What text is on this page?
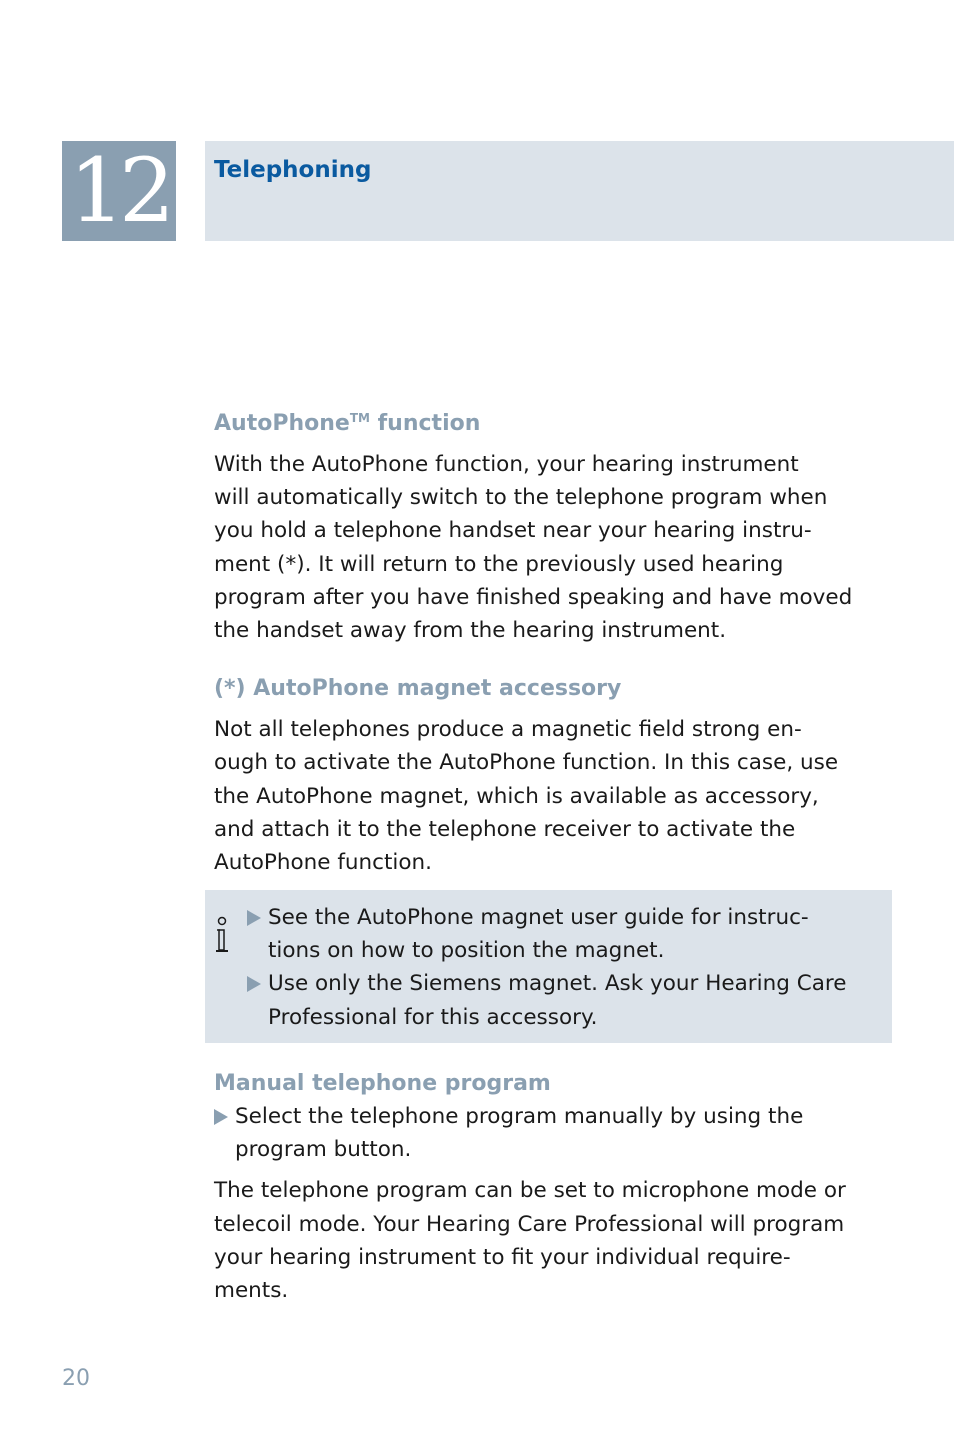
12	Telephoning

AutoPhone™ function

With the AutoPhone function, your hearing instrument
will automatically switch to the telephone program when
you hold a telephone handset near your hearing instru-
ment (*). It will return to the previously used hearing
program after you have finished speaking and have moved
the handset away from the hearing instrument.

(*) AutoPhone magnet accessory

Not all telephones produce a magnetic field strong en-
ough to activate the AutoPhone function. In this case, use
the AutoPhone magnet, which is available as accessory,
and attach it to the telephone receiver to activate the
AutoPhone function.

See the AutoPhone magnet user guide for instruc-
tions on how to position the magnet.
Use only the Siemens magnet. Ask your Hearing Care
Professional for this accessory.

Manual telephone program

Select the telephone program manually by using the
program button.

The telephone program can be set to microphone mode or
telecoil mode. Your Hearing Care Professional will program
your hearing instrument to fit your individual require-
ments.

20
